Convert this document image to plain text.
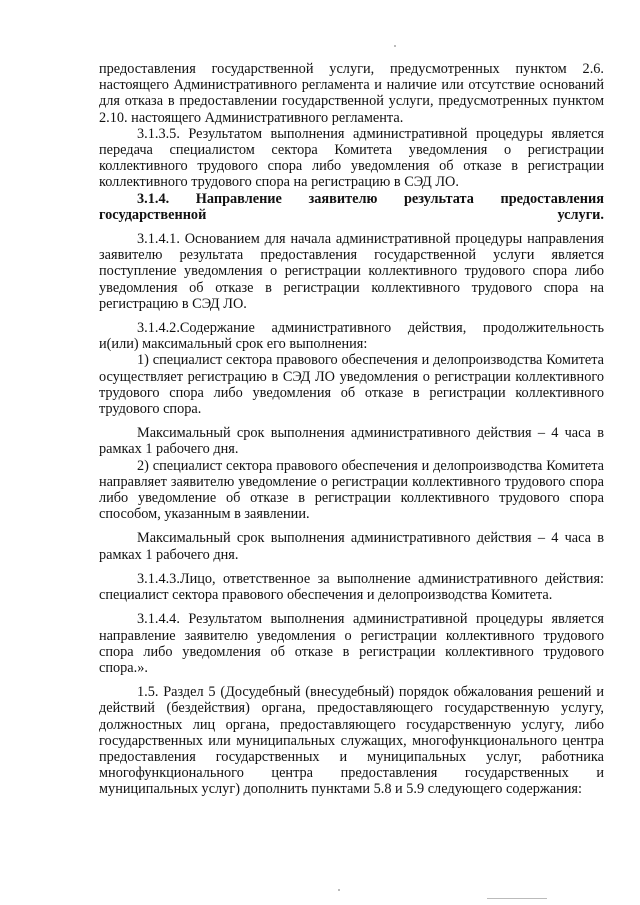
предоставления государственной услуги, предусмотренных пунктом 2.6. настоящего Административного регламента и наличие или отсутствие оснований для отказа в предоставлении государственной услуги, предусмотренных пунктом 2.10. настоящего Административного регламента.

3.1.3.5. Результатом выполнения административной процедуры является передача специалистом сектора Комитета уведомления о регистрации коллективного трудового спора либо уведомления об отказе в регистрации коллективного трудового спора на регистрацию в СЭД ЛО.

3.1.4. Направление заявителю результата предоставления государственной услуги.

3.1.4.1. Основанием для начала административной процедуры направления заявителю результата предоставления государственной услуги является поступление уведомления о регистрации коллективного трудового спора либо уведомления об отказе в регистрации коллективного трудового спора на регистрацию в СЭД ЛО.

3.1.4.2.Содержание административного действия, продолжительность и(или) максимальный срок его выполнения:

1) специалист сектора правового обеспечения и делопроизводства Комитета осуществляет регистрацию в СЭД ЛО уведомления о регистрации коллективного трудового спора либо уведомления об отказе в регистрации коллективного трудового спора.

Максимальный срок выполнения административного действия – 4 часа в рамках 1 рабочего дня.

2) специалист сектора правового обеспечения и делопроизводства Комитета направляет заявителю уведомление о регистрации коллективного трудового спора либо уведомление об отказе в регистрации коллективного трудового спора способом, указанным в заявлении.

Максимальный срок выполнения административного действия – 4 часа в рамках 1 рабочего дня.

3.1.4.3.Лицо, ответственное за выполнение административного действия: специалист сектора правового обеспечения и делопроизводства Комитета.

3.1.4.4. Результатом выполнения административной процедуры является направление заявителю уведомления о регистрации коллективного трудового спора либо уведомления об отказе в регистрации коллективного трудового спора.».

1.5. Раздел 5 (Досудебный (внесудебный) порядок обжалования решений и действий (бездействия) органа, предоставляющего государственную услугу, должностных лиц органа, предоставляющего государственную услугу, либо государственных или муниципальных служащих, многофункционального центра предоставления государственных и муниципальных услуг, работника многофункционального центра предоставления государственных и муниципальных услуг) дополнить пунктами 5.8 и 5.9 следующего содержания:
